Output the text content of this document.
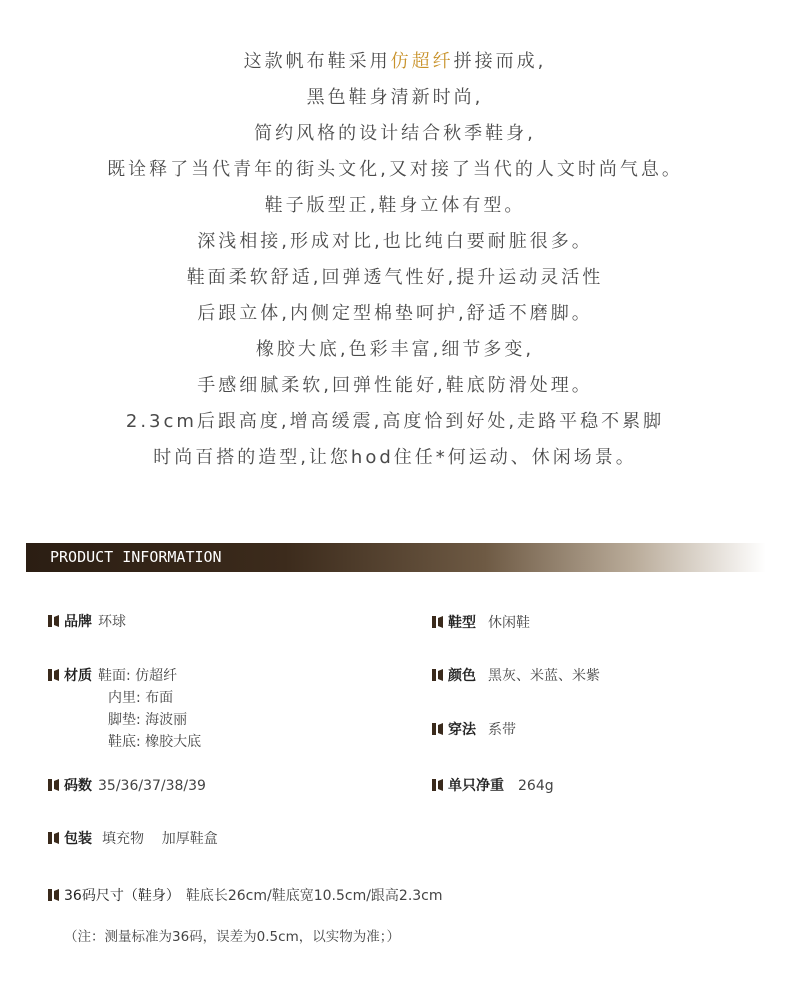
这款帆布鞋采用仿超纤拼接而成,
黑色鞋身清新时尚,
简约风格的设计结合秋季鞋身,
既诠释了当代青年的街头文化,又对接了当代的人文时尚气息。
鞋子版型正,鞋身立体有型。
深浅相接,形成对比,也比纯白要耐脏很多。
鞋面柔软舒适,回弹透气性好,提升运动灵活性
后跟立体,内侧定型棉垫呵护,舒适不磨脚。
橡胶大底,色彩丰富,细节多变,
手感细腻柔软,回弹性能好,鞋底防滑处理。
2.3cm后跟高度,增高缓震,高度恰到好处,走路平稳不累脚
时尚百搭的造型,让您hod住任*何运动、休闲场景。
PRODUCT INFORMATION
品牌 环球	鞋型 休闲鞋
材质 鞋面: 仿超纤
内里: 布面
脚垫: 海波丽
鞋底: 橡胶大底
颜色 黑灰、米蓝、米紫
穿法 系带
码数 35/36/37/38/39	单只净重 264g
包装 填充物    加厚鞋盒
36码尺寸（鞋身） 鞋底长26cm/鞋底宽10.5cm/跟高2.3cm
（注：测量标准为36码，误差为0.5cm，以实物为准；）
